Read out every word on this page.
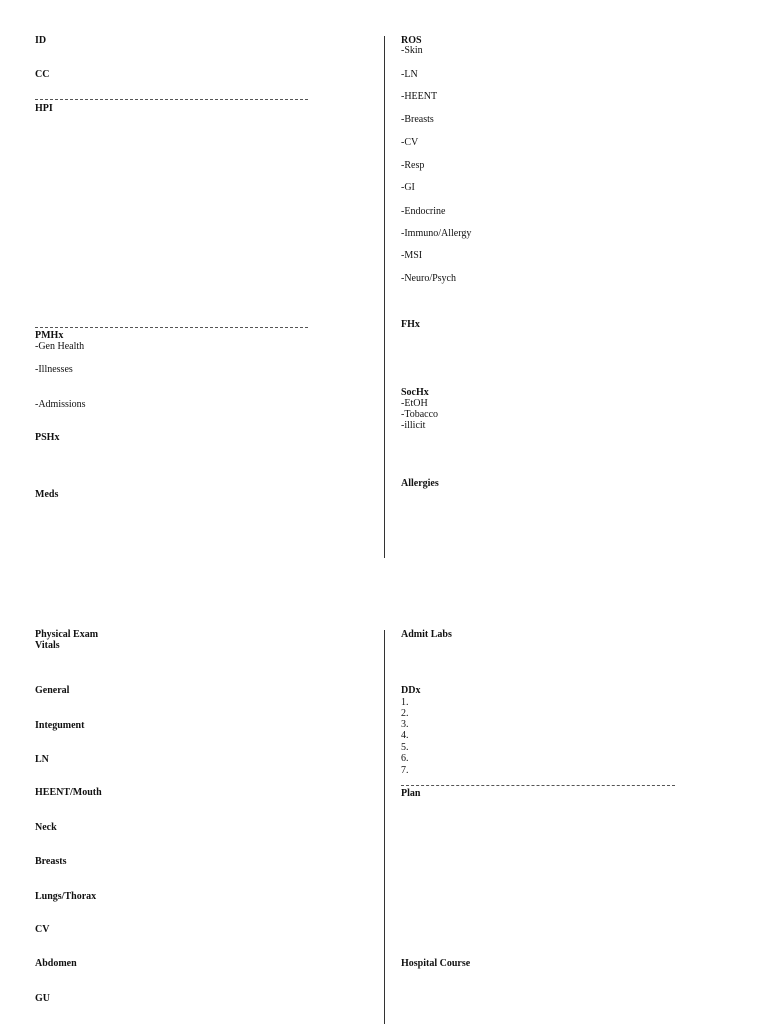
ID
CC
HPI
PMHx
-Gen Health
-Illnesses
-Admissions
PSHx
Meds
ROS
-Skin
-LN
-HEENT
-Breasts
-CV
-Resp
-GI
-Endocrine
-Immuno/Allergy
-MSI
-Neuro/Psych
FHx
SocHx
-EtOH
-Tobacco
-illicit
Allergies
Physical Exam
Vitals
General
Integument
LN
HEENT/Mouth
Neck
Breasts
Lungs/Thorax
CV
Abdomen
GU
Admit Labs
DDx
1.
2.
3.
4.
5.
6.
7.
Plan
Hospital Course
